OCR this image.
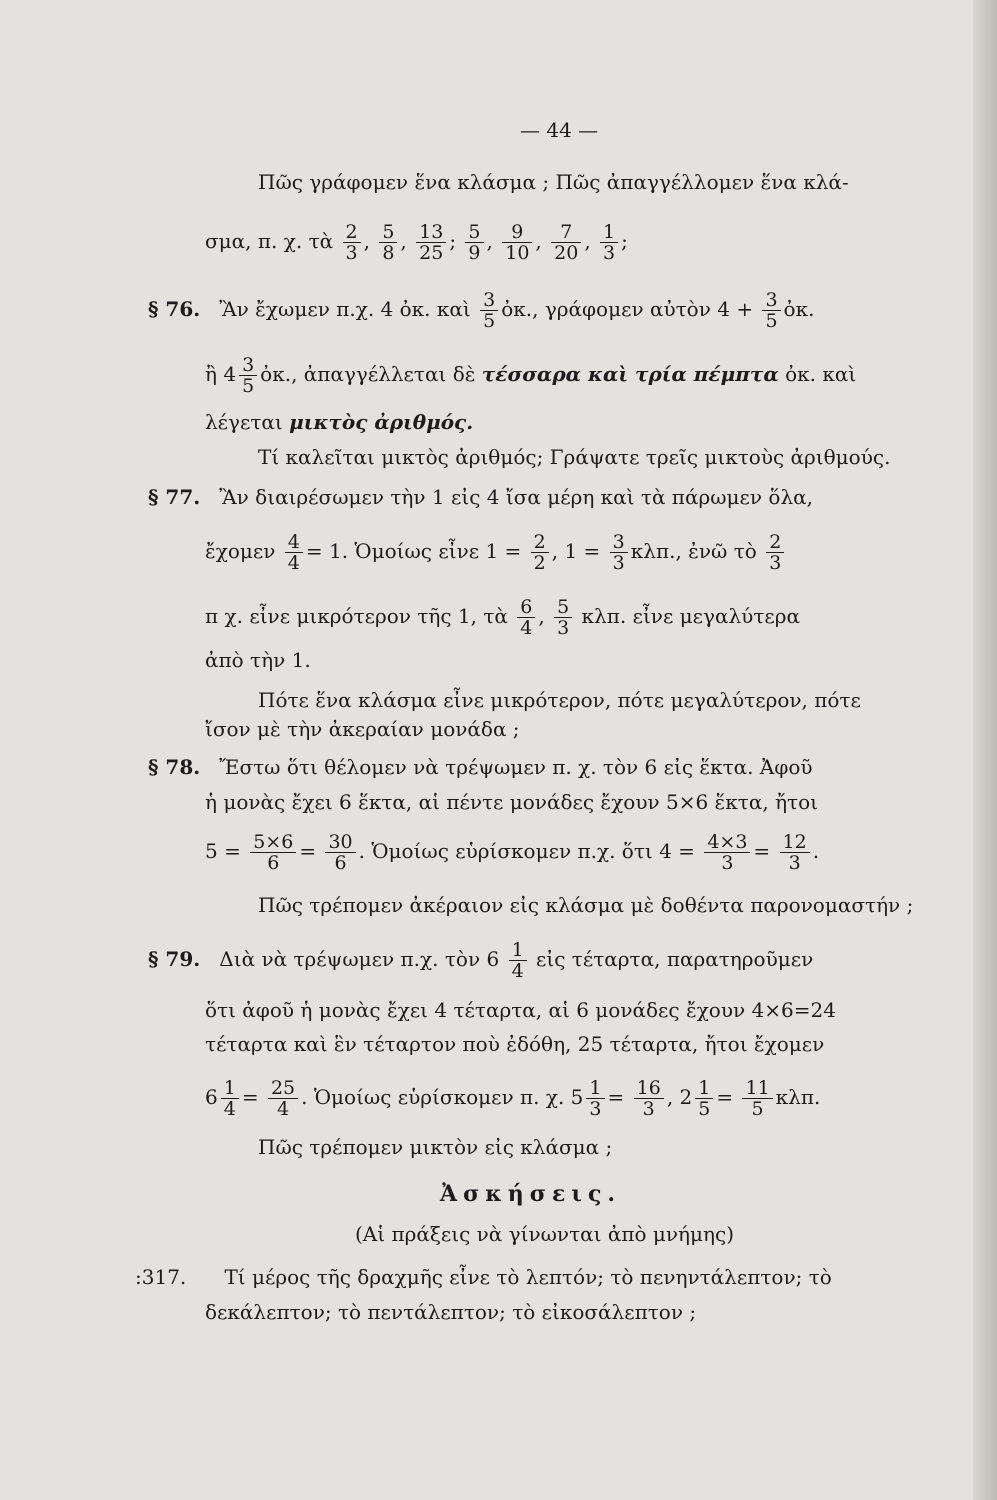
— 44 —
Πῶς γράφομεν ἕνα κλάσμα ; Πῶς ἀπαγγέλλομεν ἕνα κλά-
σμα, π. χ. τὰ $\frac{2}{3}$ , $\frac{5}{8}$ , $\frac{13}{25}$ ; $\frac{5}{9}$ , $\frac{9}{10}$ , $\frac{7}{20}$ , $\frac{1}{3}$ ;
§ 76. Ἂν ἔχωμεν π.χ. 4 ὀκ. καὶ $\frac{3}{5}$ ὀκ., γράφομεν αὐτὸν $4 + \frac{3}{5}$ ὀκ.
ἢ $4 \frac{3}{5}$ ὀκ., ἀπαγγέλλεται δὲ τέσσαρα καὶ τρία πέμπτα ὀκ. καὶ
λέγεται μικτὸς ἀριθμός.
Τί καλεῖται μικτὸς ἀριθμός; Γράψατε τρεῖς μικτοὺς ἀριθμούς.
§ 77. Ἂν διαιρέσωμεν τὴν 1 εἰς 4 ἴσα μέρη καὶ τὰ πάρωμεν ὅλα,
ἔχομεν $\frac{4}{4} = 1$. Ὁμοίως εἶνε $1 = \frac{2}{2}$ , $1 = \frac{3}{3} \kappa\lambda\pi$., ἐνῶ τὸ $\frac{2}{3}$
π χ. εἶνε μικρότερον τῆς 1, τὰ $\frac{6}{4}$ , $\frac{5}{3} \kappa\lambda\pi$. εἶνε μεγαλύτερα
ἀπὸ τὴν 1.
Πότε ἕνα κλάσμα εἶνε μικρότερον, πότε μεγαλύτερον, πότε
ἴσον μὲ τὴν ἀκεραίαν μονάδα ;
§ 78. Ἔστω ὅτι θέλομεν νὰ τρέψωμεν π. χ. τὸν 6 εἰς ἕκτα. Ἀφοῦ
ἡ μονὰς ἔχει 6 ἕκτα, αἱ πέντε μονάδες ἔχουν 5×6 ἕκτα, ἤτοι
$5 = \frac{5\times 6}{6} = \frac{30}{6}$ . Ὁμοίως εὑρίσκομεν π.χ. ὅτι $4 = \frac{4\times 3}{3} = \frac{12}{3}$ .
Πῶς τρέπομεν ἀκέραιον εἰς κλάσμα μὲ δοθέντα παρονομαστήν ;
§ 79. Διὰ νὰ τρέψωμεν π.χ. τὸν $6 \frac{1}{4}$ εἰς τέταρτα, παρατηροῦμεν
ὅτι ἀφοῦ ἡ μονὰς ἔχει 4 τέταρτα, αἱ 6 μονάδες ἔχουν 4×6=24
τέταρτα καὶ ἓν τέταρτον ποὺ ἐδόθη, 25 τέταρτα, ἤτοι ἔχομεν
$6 \frac{1}{4} = \frac{25}{4}$ . Ὁμοίως εὑρίσκομεν π. χ. $5 \frac{1}{3} = \frac{16}{3}$ , $2 \frac{1}{5} = \frac{11}{5} \kappa\lambda\pi$.
Πῶς τρέπομεν μικτὸν εἰς κλάσμα ;
Ἀσκήσεις.
(Αἱ πράξεις νὰ γίνωνται ἀπὸ μνήμης)
:317. Τί μέρος τῆς δραχμῆς εἶνε τὸ λεπτόν; τὸ πενηντάλεπτον; τὸ
δεκάλεπτον; τὸ πεντάλεπτον; τὸ εἰκοσάλεπτον ;
